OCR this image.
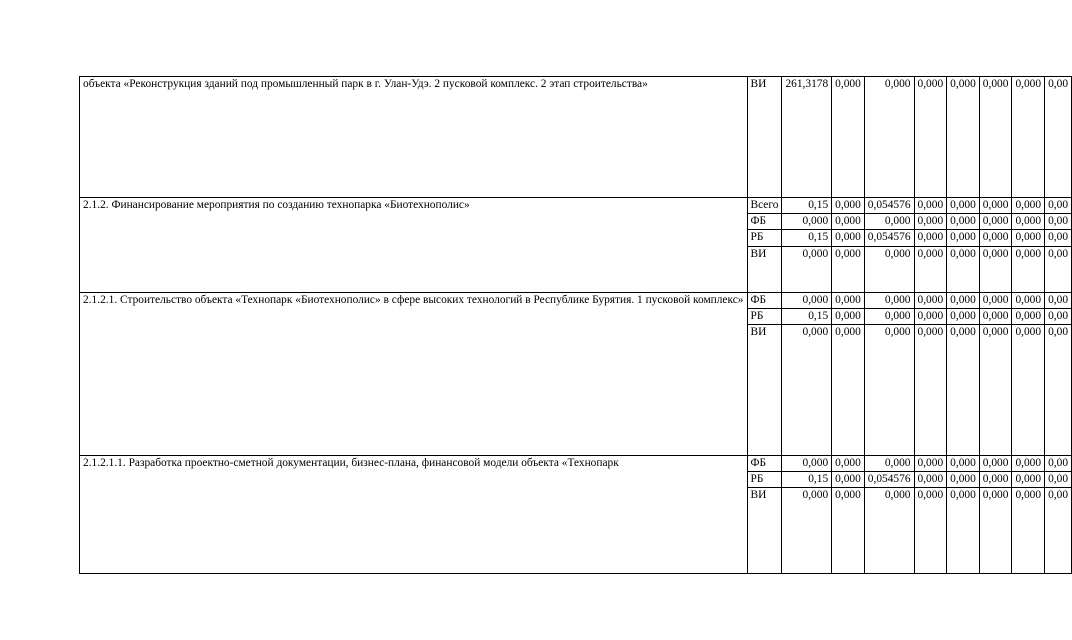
объекта «Реконструкция зданий под промышленный парк в г. Улан-Удэ. 2 пусковой комплекс. 2 этап строительства»	ВИ	261,3178	0,000	0,000	0,000	0,000	0,000	0,000	0,00
2.1.2. Финансирование мероприятия по созданию технопарка «Биотехнополис»	Всего	0,15	0,000	0,054576	0,000	0,000	0,000	0,000	0,00
	ФБ	0,000	0,000	0,000	0,000	0,000	0,000	0,000	0,00
	РБ	0,15	0,000	0,054576	0,000	0,000	0,000	0,000	0,00
	ВИ	0,000	0,000	0,000	0,000	0,000	0,000	0,000	0,00
2.1.2.1. Строительство объекта «Технопарк «Биотехнополис» в сфере высоких технологий в Республике Бурятия. 1 пусковой комплекс»	ФБ	0,000	0,000	0,000	0,000	0,000	0,000	0,000	0,00
	РБ	0,15	0,000	0,000	0,000	0,000	0,000	0,000	0,00
	ВИ	0,000	0,000	0,000	0,000	0,000	0,000	0,000	0,00
2.1.2.1.1. Разработка проектно-сметной документации, бизнес-плана, финансовой модели объекта «Технопарк	ФБ	0,000	0,000	0,000	0,000	0,000	0,000	0,000	0,00
	РБ	0,15	0,000	0,054576	0,000	0,000	0,000	0,000	0,00
	ВИ	0,000	0,000	0,000	0,000	0,000	0,000	0,000	0,00
